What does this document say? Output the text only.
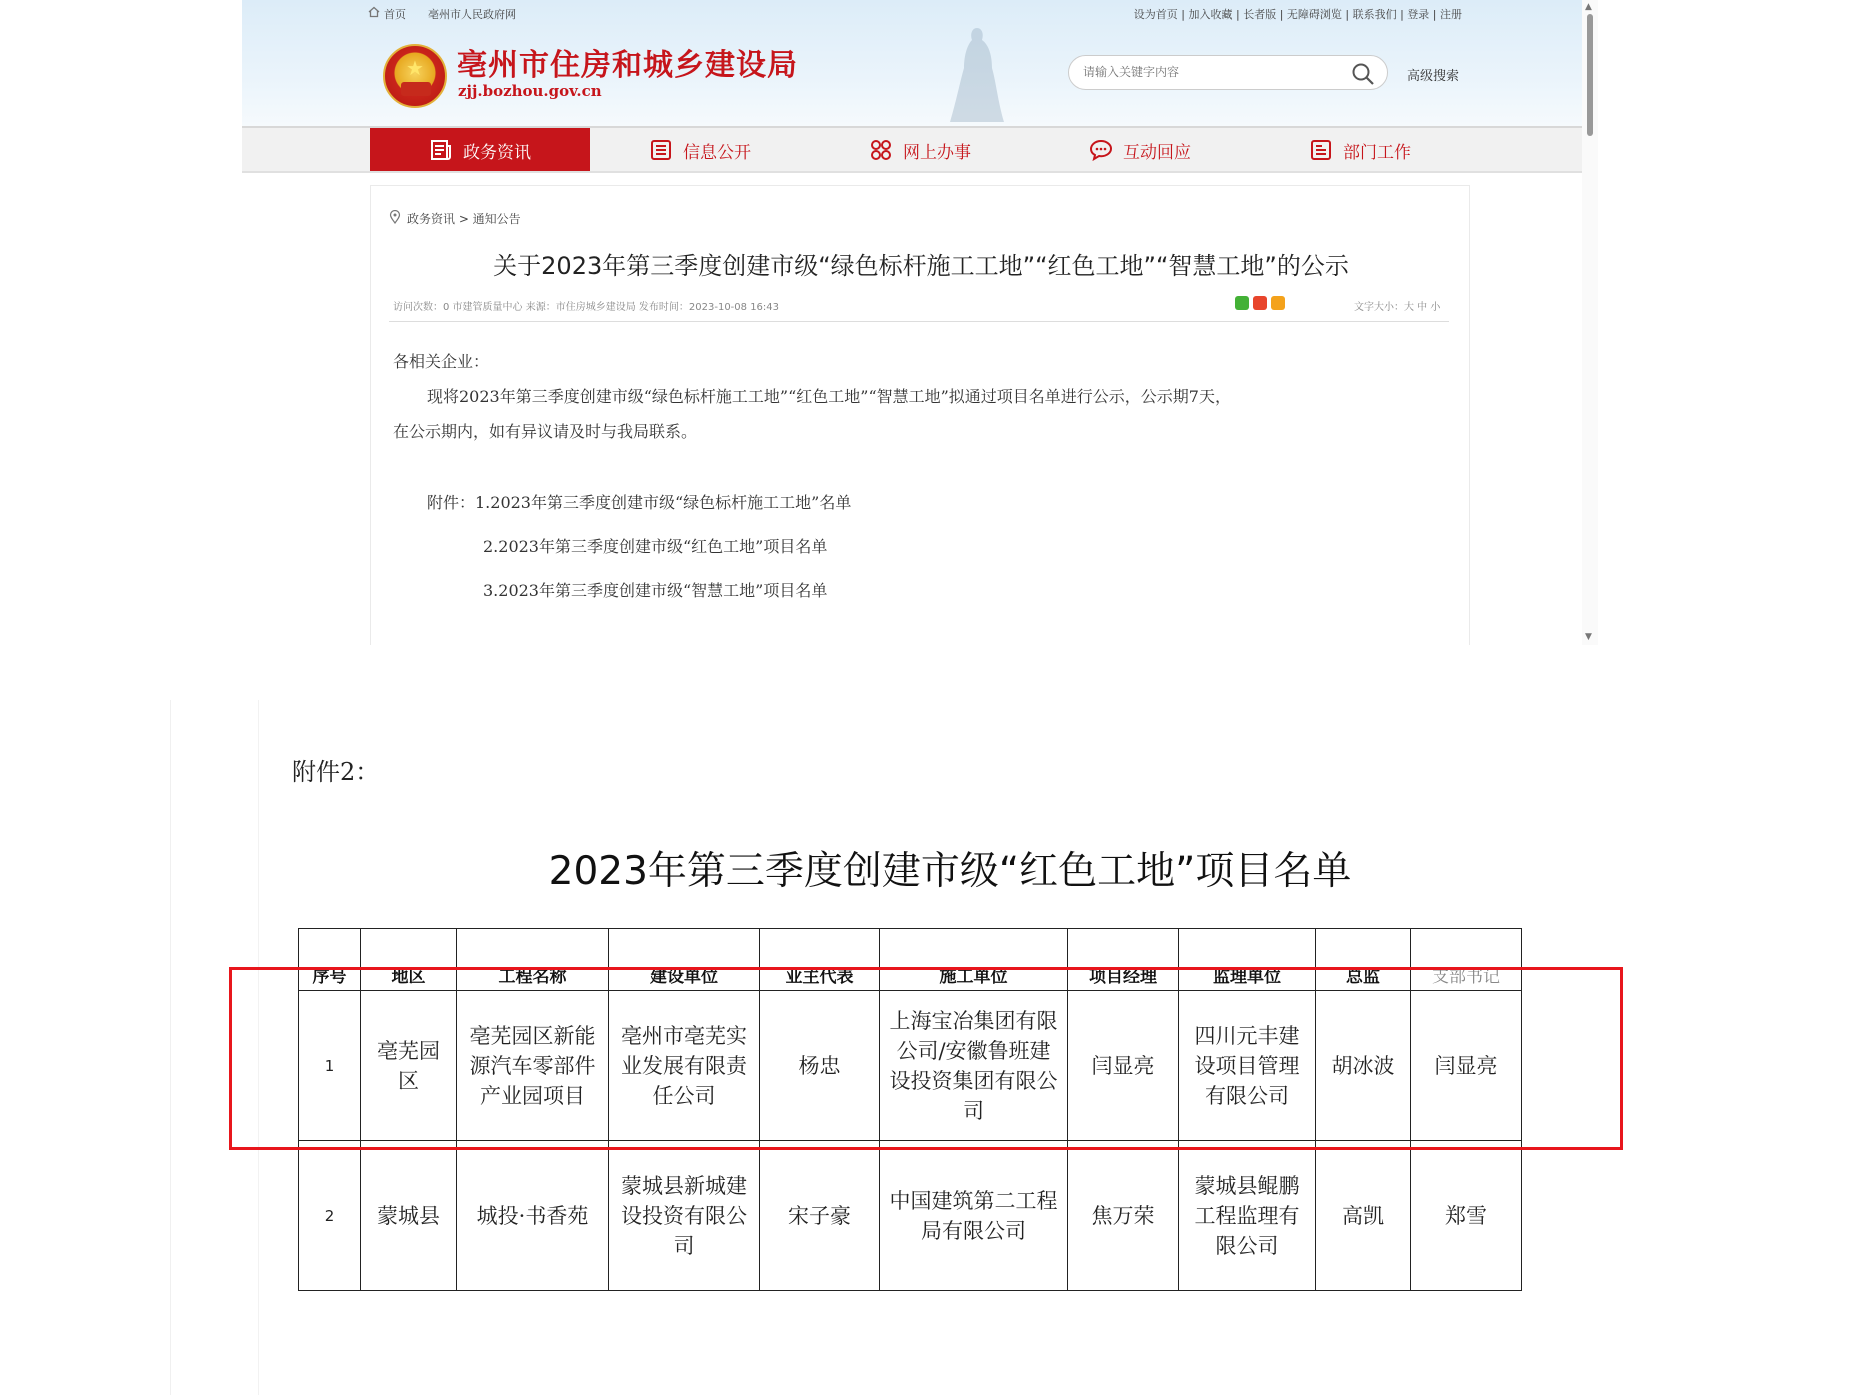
首页 亳州市人民政府网	设为首页 | 加入收藏 | 长者版 | 无障碍浏览 | 联系我们 | 登录 | 注册
★
亳州市住房和城乡建设局
zjj.bozhou.gov.cn
请输入关键字内容
高级搜索
政务资讯	信息公开	网上办事	互动回应	部门工作
政务资讯 > 通知公告
关于2023年第三季度创建市级“绿色标杆施工工地”“红色工地”“智慧工地”的公示
访问次数：0 市建管质量中心 来源：市住房城乡建设局 发布时间：2023-10-08 16:43	文字大小：大 中 小
各相关企业：
现将2023年第三季度创建市级“绿色标杆施工工地”“红色工地”“智慧工地”拟通过项目名单进行公示，公示期7天，
在公示期内，如有异议请及时与我局联系。
附件：1.2023年第三季度创建市级“绿色标杆施工工地”名单
2.2023年第三季度创建市级“红色工地”项目名单
3.2023年第三季度创建市级“智慧工地”项目名单
▲
▼
附件2：
2023年第三季度创建市级“红色工地”项目名单
序号	地区	工程名称	建设单位	业主代表	施工单位	项目经理	监理单位	总监	支部书记
1	亳芜园区	亳芜园区新能源汽车零部件产业园项目	亳州市亳芜实业发展有限责任公司	杨忠	上海宝冶集团有限公司/安徽鲁班建设投资集团有限公司	闫显亮	四川元丰建设项目管理有限公司	胡冰波	闫显亮
2	蒙城县	城投·书香苑	蒙城县新城建设投资有限公司	宋子豪	中国建筑第二工程局有限公司	焦万荣	蒙城县鲲鹏工程监理有限公司	高凯	郑雪
